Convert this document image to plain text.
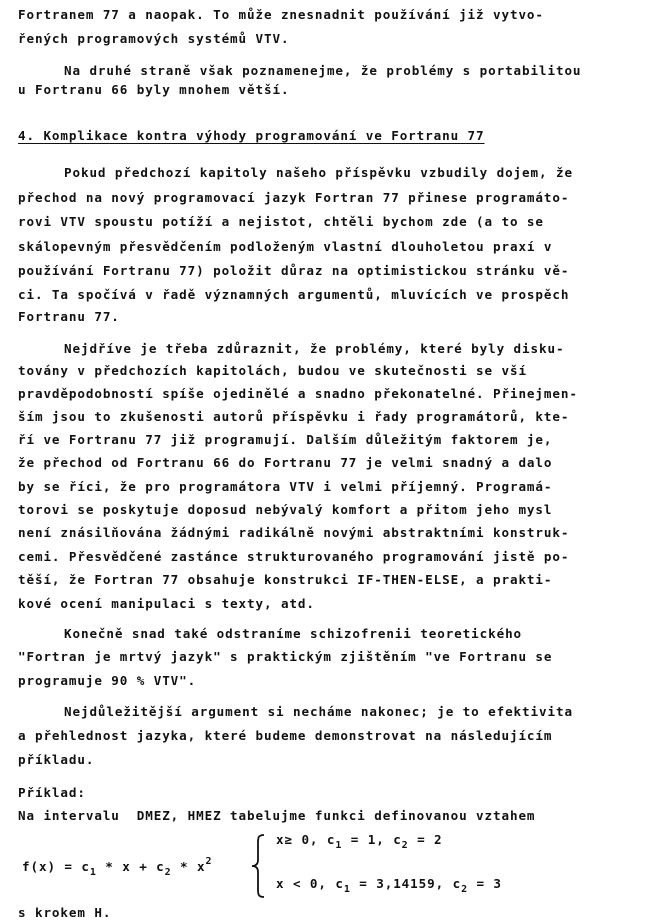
Fortranem 77 a naopak. To může znesnadnit používání již vytvo-
řených programových systémů VTV.
Na druhé straně však poznamenejme, že problémy s portabilitou
u Fortranu 66 byly mnohem větší.
4. Komplikace kontra výhody programování ve Fortranu 77
Pokud předchozí kapitoly našeho příspěvku vzbudily dojem, že
přechod na nový programovací jazyk Fortran 77 přinese programáto-
rovi VTV spoustu potíží a nejistot, chtěli bychom zde (a to se
skálopevným přesvědčením podloženým vlastní dlouholetou praxí v
používání Fortranu 77) položit důraz na optimistickou stránku vě-
ci. Ta spočívá v řadě významných argumentů, mluvících ve prospěch
Fortranu 77.
Nejdříve je třeba zdůraznit, že problémy, které byly disku-
továny v předchozích kapitolách, budou ve skutečnosti se vší
pravděpodobností spíše ojedinělé a snadno překonatelné. Přinejmen-
ším jsou to zkušenosti autorů příspěvku i řady programátorů, kte-
ří ve Fortranu 77 již programují. Dalším důležitým faktorem je,
že přechod od Fortranu 66 do Fortranu 77 je velmi snadný a dalo
by se říci, že pro programátora VTV i velmi příjemný. Programá-
torovi se poskytuje doposud nebývalý komfort a přitom jeho mysl
není znásilňována žádnými radikálně novými abstraktními konstruk-
cemi. Přesvědčené zastánce strukturovaného programování jistě po-
těší, že Fortran 77 obsahuje konstrukci IF-THEN-ELSE, a prakti-
kové ocení manipulaci s texty, atd.
Konečně snad také odstraníme schizofrenii teoretického
"Fortran je mrtvý jazyk" s praktickým zjištěním "ve Fortranu se
programuje 90 % VTV".
Nejdůležitější argument si necháme nakonec; je to efektivita
a přehlednost jazyka, které budeme demonstrovat na následujícím
příkladu.
Příklad:
Na intervalu  DMEZ, HMEZ tabelujme funkci definovanou vztahem
$f(x) = c_1 * x + c_2 * x^2$
x≥ 0, $c_1 = 1$, $c_2 = 2$
x < 0, $c_1 = 3,14159$, $c_2 = 3$
s krokem H.
